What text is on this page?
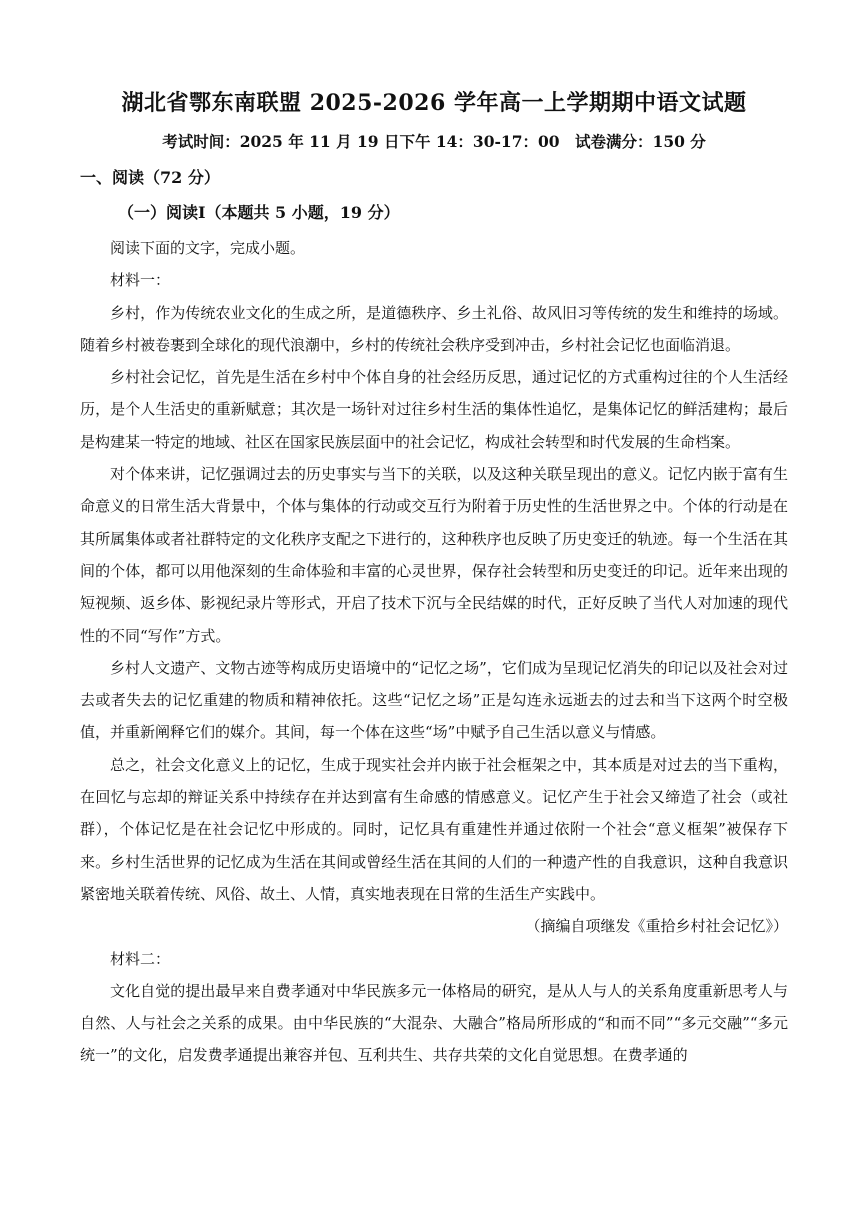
湖北省鄂东南联盟 2025-2026 学年高一上学期期中语文试题
考试时间：2025 年 11 月 19 日下午 14：30-17：00　试卷满分：150 分
一、阅读（72 分）
（一）阅读Ⅰ（本题共 5 小题，19 分）

阅读下面的文字，完成小题。

材料一：

乡村，作为传统农业文化的生成之所，是道德秩序、乡土礼俗、故风旧习等传统的发生和维持的场域。随着乡村被卷裹到全球化的现代浪潮中，乡村的传统社会秩序受到冲击，乡村社会记忆也面临消退。

乡村社会记忆，首先是生活在乡村中个体自身的社会经历反思，通过记忆的方式重构过往的个人生活经历，是个人生活史的重新赋意；其次是一场针对过往乡村生活的集体性追忆，是集体记忆的鲜活建构；最后是构建某一特定的地域、社区在国家民族层面中的社会记忆，构成社会转型和时代发展的生命档案。

对个体来讲，记忆强调过去的历史事实与当下的关联，以及这种关联呈现出的意义。记忆内嵌于富有生命意义的日常生活大背景中，个体与集体的行动或交互行为附着于历史性的生活世界之中。个体的行动是在其所属集体或者社群特定的文化秩序支配之下进行的，这种秩序也反映了历史变迁的轨迹。每一个生活在其间的个体，都可以用他深刻的生命体验和丰富的心灵世界，保存社会转型和历史变迁的印记。近年来出现的短视频、返乡体、影视纪录片等形式，开启了技术下沉与全民结媒的时代，正好反映了当代人对加速的现代性的不同“写作”方式。

乡村人文遗产、文物古迹等构成历史语境中的“记忆之场”，它们成为呈现记忆消失的印记以及社会对过去或者失去的记忆重建的物质和精神依托。这些“记忆之场”正是勾连永远逝去的过去和当下这两个时空极值，并重新阐释它们的媒介。其间，每一个体在这些“场”中赋予自己生活以意义与情感。

总之，社会文化意义上的记忆，生成于现实社会并内嵌于社会框架之中，其本质是对过去的当下重构，在回忆与忘却的辩证关系中持续存在并达到富有生命感的情感意义。记忆产生于社会又缔造了社会（或社群），个体记忆是在社会记忆中形成的。同时，记忆具有重建性并通过依附一个社会“意义框架”被保存下来。乡村生活世界的记忆成为生活在其间或曾经生活在其间的人们的一种遗产性的自我意识，这种自我意识紧密地关联着传统、风俗、故土、人情，真实地表现在日常的生活生产实践中。

（摘编自项继发《重拾乡村社会记忆》）

材料二：

文化自觉的提出最早来自费孝通对中华民族多元一体格局的研究，是从人与人的关系角度重新思考人与自然、人与社会之关系的成果。由中华民族的“大混杂、大融合”格局所形成的“和而不同”“多元交融”“多元统一”的文化，启发费孝通提出兼容并包、互利共生、共存共荣的文化自觉思想。在费孝通的
